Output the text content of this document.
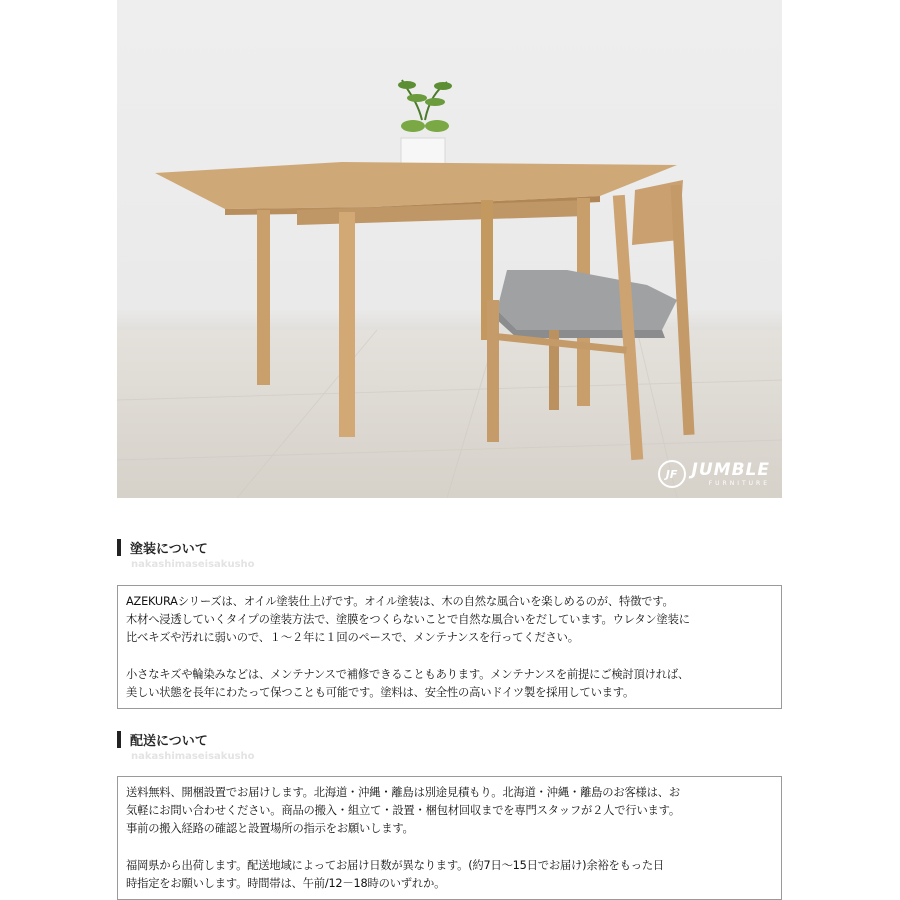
JF JUMBLE
FURNITURE
塗装について
nakashimaseisakusho

AZEKURAシリーズは、オイル塗装仕上げです。オイル塗装は、木の自然な風合いを楽しめるのが、特徴です。

木材へ浸透していくタイプの塗装方法で、塗膜をつくらないことで自然な風合いをだしています。ウレタン塗装に

比べキズや汚れに弱いので、１～２年に１回のペースで、メンテナンスを行ってください。

小さなキズや輪染みなどは、メンテナンスで補修できることもあります。メンテナンスを前提にご検討頂ければ、

美しい状態を長年にわたって保つことも可能です。塗料は、安全性の高いドイツ製を採用しています。

配送について
nakashimaseisakusho

送料無料、開梱設置でお届けします。北海道・沖縄・離島は別途見積もり。北海道・沖縄・離島のお客様は、お

気軽にお問い合わせください。商品の搬入・組立て・設置・梱包材回収までを専門スタッフが２人で行います。

事前の搬入経路の確認と設置場所の指示をお願いします。

福岡県から出荷します。配送地域によってお届け日数が異なります。(約7日～15日でお届け)余裕をもった日

時指定をお願いします。時間帯は、午前/12－18時のいずれか。
